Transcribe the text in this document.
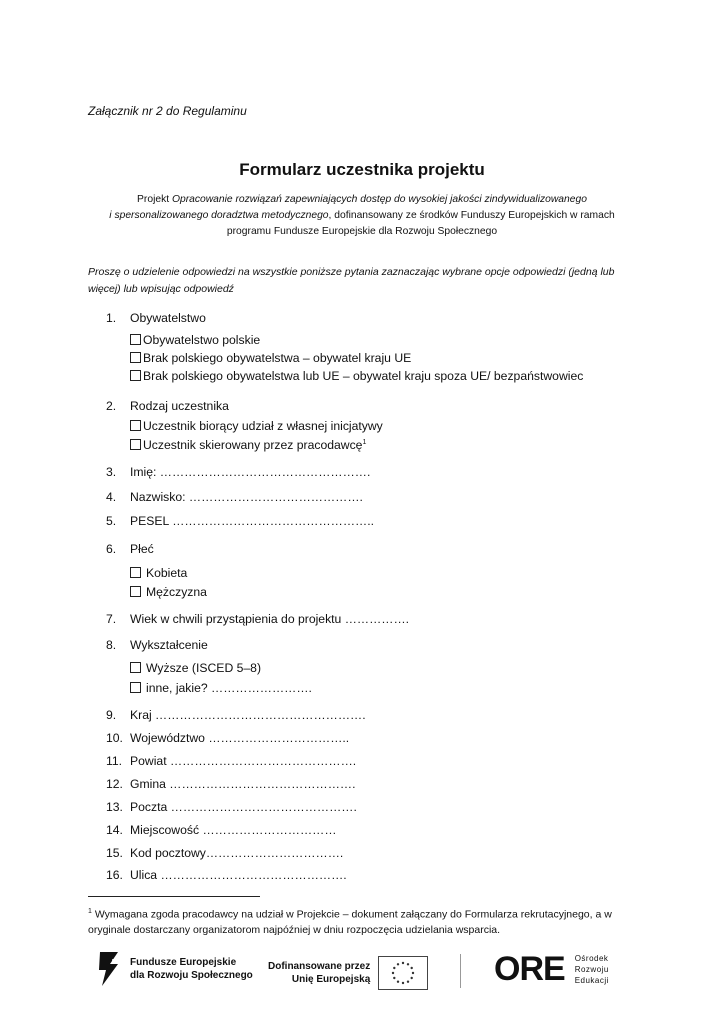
Załącznik nr 2 do Regulaminu
Formularz uczestnika projektu
Projekt Opracowanie rozwiązań zapewniających dostęp do wysokiej jakości zindywidualizowanego
i spersonalizowanego doradztwa metodycznego, dofinansowany ze środków Funduszy Europejskich w ramach
programu Fundusze Europejskie dla Rozwoju Społecznego
Proszę o udzielenie odpowiedzi na wszystkie poniższe pytania zaznaczając wybrane opcje odpowiedzi (jedną lub więcej) lub wpisując odpowiedź
1. Obywatelstwo
Obywatelstwo polskie
Brak polskiego obywatelstwa – obywatel kraju UE
Brak polskiego obywatelstwa lub UE – obywatel kraju spoza UE/ bezpaństwowiec
2. Rodzaj uczestnika
Uczestnik biorący udział z własnej inicjatywy
Uczestnik skierowany przez pracodawcę$^1$
3. Imię: …………………………………………….
4. Nazwisko: …………………………………….
5. PESEL …………………………………………..
6. Płeć
Kobieta
Mężczyzna
7. Wiek w chwili przystąpienia do projektu …………….
8. Wykształcenie
Wyższe (ISCED 5–8)
inne, jakie? …………………….
9. Kraj …………………………………………….
10. Województwo ……………………………..
11. Powiat ……………………………………….
12. Gmina ……………………………………….
13. Poczta ……………………………………….
14. Miejscowość ……………………………
15. Kod pocztowy…………………………….
16. Ulica ……………………………………….
$^1$ Wymagana zgoda pracodawcy na udział w Projekcie – dokument załączany do Formularza rekrutacyjnego, a w oryginale dostarczany organizatorom najpóźniej w dniu rozpoczęcia udzielania wsparcia.
Fundusze Europejskie
dla Rozwoju Społecznego
Dofinansowane przez
Unię Europejską	ORE Ośrodek
Rozwoju
Edukacji
